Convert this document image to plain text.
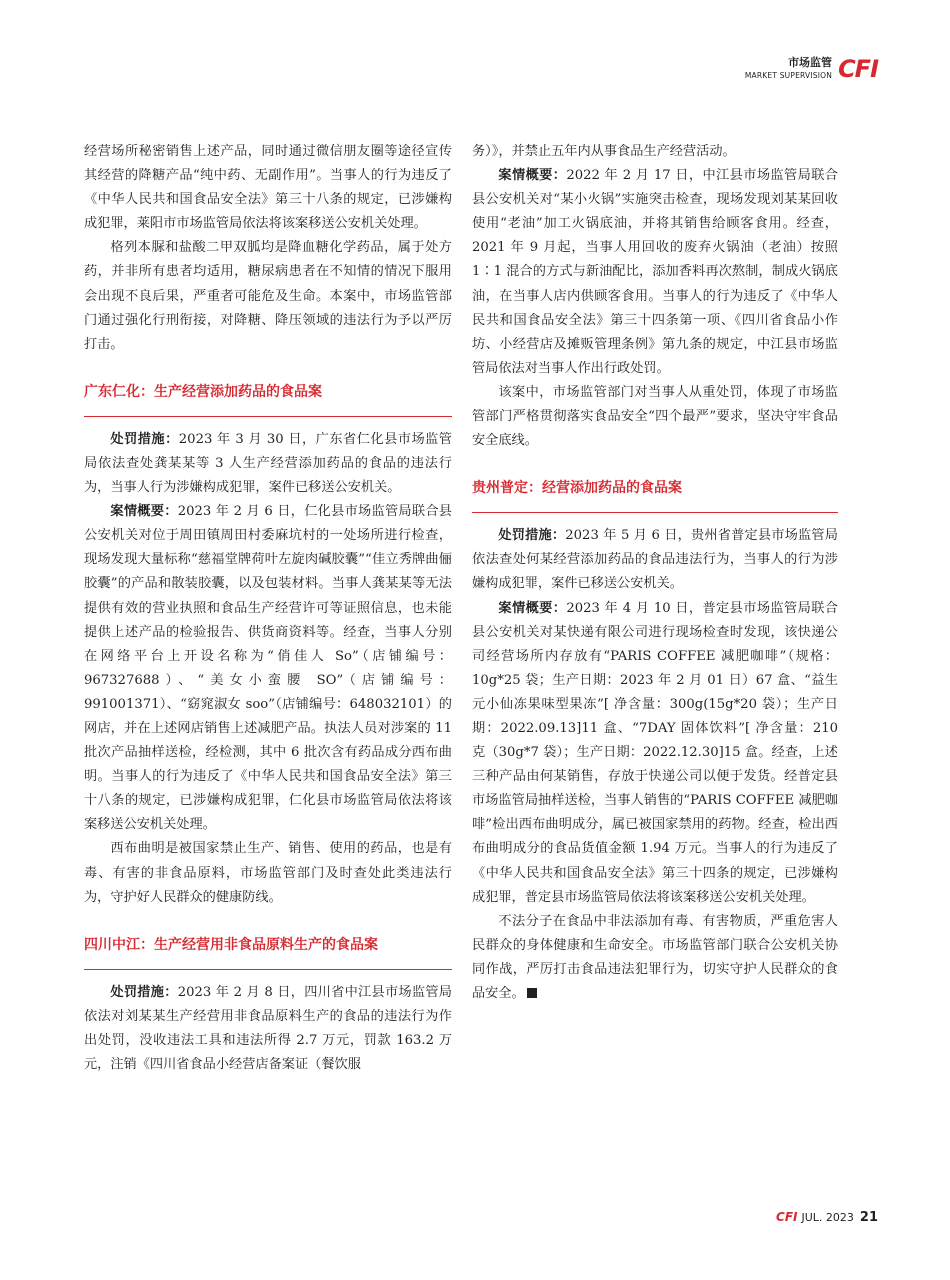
市场监管
MARKET SUPERVISION CFI

经营场所秘密销售上述产品，同时通过微信朋友圈等途径宣传其经营的降糖产品“纯中药、无副作用”。当事人的行为违反了《中华人民共和国食品安全法》第三十八条的规定，已涉嫌构成犯罪，莱阳市市场监管局依法将该案移送公安机关处理。

格列本脲和盐酸二甲双胍均是降血糖化学药品，属于处方药，并非所有患者均适用，糖尿病患者在不知情的情况下服用会出现不良后果，严重者可能危及生命。本案中，市场监管部门通过强化行刑衔接，对降糖、降压领域的违法行为予以严厉打击。

广东仁化：生产经营添加药品的食品案

处罚措施：2023 年 3 月 30 日，广东省仁化县市场监管局依法查处龚某某等 3 人生产经营添加药品的食品的违法行为，当事人行为涉嫌构成犯罪，案件已移送公安机关。

案情概要：2023 年 2 月 6 日，仁化县市场监管局联合县公安机关对位于周田镇周田村委麻坑村的一处场所进行检查，现场发现大量标称“慈福堂牌荷叶左旋肉碱胶囊”“佳立秀牌曲俪胶囊”的产品和散装胶囊，以及包装材料。当事人龚某某等无法提供有效的营业执照和食品生产经营许可等证照信息，也未能提供上述产品的检验报告、供货商资料等。经查，当事人分别在网络平台上开设名称为“俏佳人 So”（店铺编号：967327688）、“美女小蛮腰 SO”（店铺编号：991001371）、“窈窕淑女 soo”（店铺编号：648032101）的网店，并在上述网店销售上述减肥产品。执法人员对涉案的 11 批次产品抽样送检，经检测，其中 6 批次含有药品成分西布曲明。当事人的行为违反了《中华人民共和国食品安全法》第三十八条的规定，已涉嫌构成犯罪，仁化县市场监管局依法将该案移送公安机关处理。

西布曲明是被国家禁止生产、销售、使用的药品，也是有毒、有害的非食品原料，市场监管部门及时查处此类违法行为，守护好人民群众的健康防线。

四川中江：生产经营用非食品原料生产的食品案

处罚措施：2023 年 2 月 8 日，四川省中江县市场监管局依法对刘某某生产经营用非食品原料生产的食品的违法行为作出处罚，没收违法工具和违法所得 2.7 万元，罚款 163.2 万元，注销《四川省食品小经营店备案证（餐饮服

务）》，并禁止五年内从事食品生产经营活动。

案情概要：2022 年 2 月 17 日，中江县市场监管局联合县公安机关对“某小火锅”实施突击检查，现场发现刘某某回收使用“老油”加工火锅底油，并将其销售给顾客食用。经查，2021 年 9 月起，当事人用回收的废弃火锅油（老油）按照 1∶1 混合的方式与新油配比，添加香料再次熬制，制成火锅底油，在当事人店内供顾客食用。当事人的行为违反了《中华人民共和国食品安全法》第三十四条第一项、《四川省食品小作坊、小经营店及摊贩管理条例》第九条的规定，中江县市场监管局依法对当事人作出行政处罚。

该案中，市场监管部门对当事人从重处罚，体现了市场监管部门严格贯彻落实食品安全“四个最严”要求，坚决守牢食品安全底线。

贵州普定：经营添加药品的食品案

处罚措施：2023 年 5 月 6 日，贵州省普定县市场监管局依法查处何某经营添加药品的食品违法行为，当事人的行为涉嫌构成犯罪，案件已移送公安机关。

案情概要：2023 年 4 月 10 日，普定县市场监管局联合县公安机关对某快递有限公司进行现场检查时发现，该快递公司经营场所内存放有“PARIS COFFEE 减肥咖啡”（规格：10g*25 袋；生产日期：2023 年 2 月 01 日）67 盒、“益生元小仙冻果味型果冻”[ 净含量：300g(15g*20 袋）；生产日期：2022.09.13]11 盒、“7DAY 固体饮料”[ 净含量：210 克（30g*7 袋）；生产日期：2022.12.30]15 盒。经查，上述三种产品由何某销售，存放于快递公司以便于发货。经普定县市场监管局抽样送检，当事人销售的“PARIS COFFEE 减肥咖啡”检出西布曲明成分，属已被国家禁用的药物。经查，检出西布曲明成分的食品货值金额 1.94 万元。当事人的行为违反了《中华人民共和国食品安全法》第三十四条的规定，已涉嫌构成犯罪，普定县市场监管局依法将该案移送公安机关处理。

不法分子在食品中非法添加有毒、有害物质，严重危害人民群众的身体健康和生命安全。市场监管部门联合公安机关协同作战，严厉打击食品违法犯罪行为，切实守护人民群众的食品安全。

CFI JUL. 2023 21
